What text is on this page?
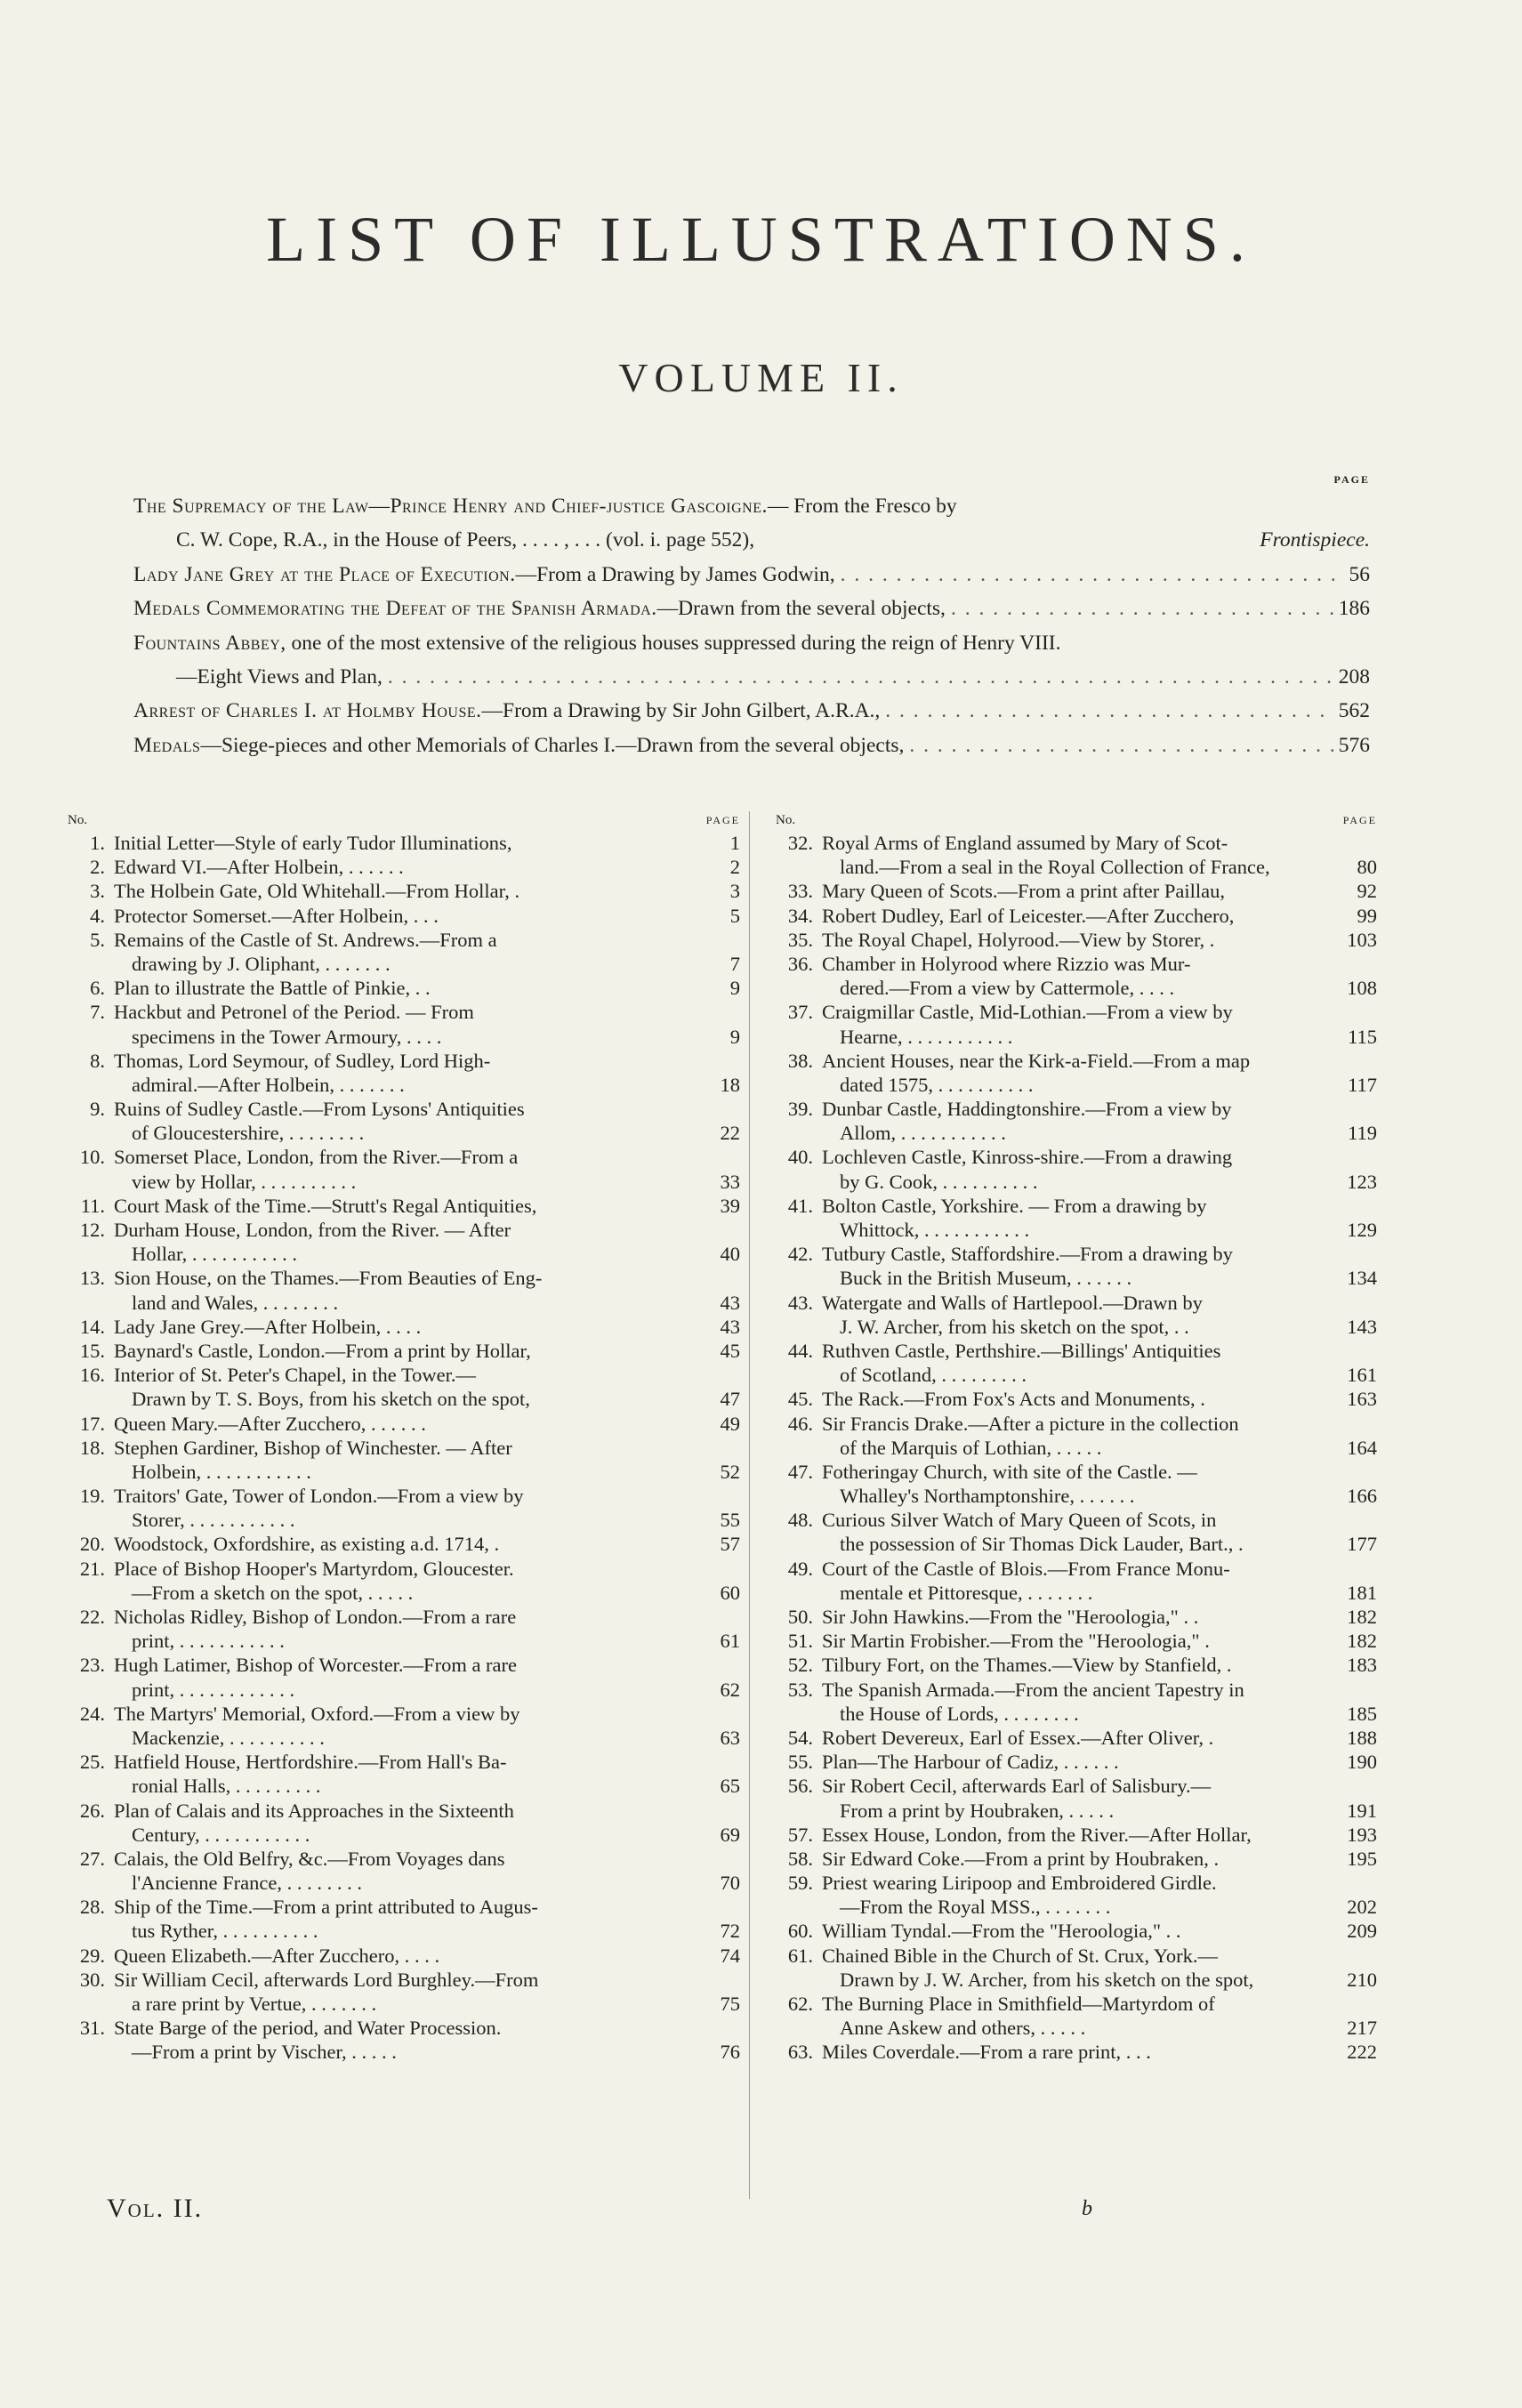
LIST OF ILLUSTRATIONS.
VOLUME II.
PAGE
The Supremacy of the Law—Prince Henry and Chief-justice Gascoigne.— From the Fresco by
C. W. Cope, R.A., in the House of Peers, . . . . , . . . (vol. i. page 552),	Frontispiece.
Lady Jane Grey at the Place of Execution.—From a Drawing by James Godwin, . . .	56
Medals Commemorating the Defeat of the Spanish Armada.—Drawn from the several objects, . . .	186
Fountains Abbey, one of the most extensive of the religious houses suppressed during the reign of Henry VIII.
—Eight Views and Plan, . . .	208
Arrest of Charles I. at Holmby House.—From a Drawing by Sir John Gilbert, A.R.A., . . .	562
Medals—Siege-pieces and other Memorials of Charles I.—Drawn from the several objects, . . .	576
No.	PAGE
1. Initial Letter—Style of early Tudor Illuminations,	1
2. Edward VI.—After Holbein, . . . . . .	2
3. The Holbein Gate, Old Whitehall.—From Hollar, .	3
4. Protector Somerset.—After Holbein, . . .	5
5. Remains of the Castle of St. Andrews.—From a
drawing by J. Oliphant, . . . . . . .	7
6. Plan to illustrate the Battle of Pinkie, . .	9
7. Hackbut and Petronel of the Period. — From
specimens in the Tower Armoury, . . . .	9
8. Thomas, Lord Seymour, of Sudley, Lord High-
admiral.—After Holbein, . . . . . . .	18
9. Ruins of Sudley Castle.—From Lysons' Antiquities
of Gloucestershire, . . . . . . . .	22
10. Somerset Place, London, from the River.—From a
view by Hollar, . . . . . . . . . .	33
11. Court Mask of the Time.—Strutt's Regal Antiquities,	39
12. Durham House, London, from the River. — After
Hollar, . . . . . . . . . . .	40
13. Sion House, on the Thames.—From Beauties of Eng-
land and Wales, . . . . . . . .	43
14. Lady Jane Grey.—After Holbein, . . . .	43
15. Baynard's Castle, London.—From a print by Hollar,	45
16. Interior of St. Peter's Chapel, in the Tower.—
Drawn by T. S. Boys, from his sketch on the spot,	47
17. Queen Mary.—After Zucchero, . . . . . .	49
18. Stephen Gardiner, Bishop of Winchester. — After
Holbein, . . . . . . . . . . .	52
19. Traitors' Gate, Tower of London.—From a view by
Storer, . . . . . . . . . . .	55
20. Woodstock, Oxfordshire, as existing a.d. 1714, .	57
21. Place of Bishop Hooper's Martyrdom, Gloucester.
—From a sketch on the spot, . . . . .	60
22. Nicholas Ridley, Bishop of London.—From a rare
print, . . . . . . . . . . .	61
23. Hugh Latimer, Bishop of Worcester.—From a rare
print, . . . . . . . . . . . .	62
24. The Martyrs' Memorial, Oxford.—From a view by
Mackenzie, . . . . . . . . . .	63
25. Hatfield House, Hertfordshire.—From Hall's Ba-
ronial Halls, . . . . . . . . .	65
26. Plan of Calais and its Approaches in the Sixteenth
Century, . . . . . . . . . . .	69
27. Calais, the Old Belfry, &c.—From Voyages dans
l'Ancienne France, . . . . . . . .	70
28. Ship of the Time.—From a print attributed to Augus-
tus Ryther, . . . . . . . . . .	72
29. Queen Elizabeth.—After Zucchero, . . . .	74
30. Sir William Cecil, afterwards Lord Burghley.—From
a rare print by Vertue, . . . . . . .	75
31. State Barge of the period, and Water Procession.
—From a print by Vischer, . . . . .	76
No.	PAGE
32. Royal Arms of England assumed by Mary of Scot-
land.—From a seal in the Royal Collection of France,	80
33. Mary Queen of Scots.—From a print after Paillau,	92
34. Robert Dudley, Earl of Leicester.—After Zucchero,	99
35. The Royal Chapel, Holyrood.—View by Storer, .	103
36. Chamber in Holyrood where Rizzio was Mur-
dered.—From a view by Cattermole, . . . .	108
37. Craigmillar Castle, Mid-Lothian.—From a view by
Hearne, . . . . . . . . . . .	115
38. Ancient Houses, near the Kirk-a-Field.—From a map
dated 1575, . . . . . . . . . .	117
39. Dunbar Castle, Haddingtonshire.—From a view by
Allom, . . . . . . . . . . .	119
40. Lochleven Castle, Kinross-shire.—From a drawing
by G. Cook, . . . . . . . . . .	123
41. Bolton Castle, Yorkshire. — From a drawing by
Whittock, . . . . . . . . . . .	129
42. Tutbury Castle, Staffordshire.—From a drawing by
Buck in the British Museum, . . . . . .	134
43. Watergate and Walls of Hartlepool.—Drawn by
J. W. Archer, from his sketch on the spot, . .	143
44. Ruthven Castle, Perthshire.—Billings' Antiquities
of Scotland, . . . . . . . . .	161
45. The Rack.—From Fox's Acts and Monuments, .	163
46. Sir Francis Drake.—After a picture in the collection
of the Marquis of Lothian, . . . . .	164
47. Fotheringay Church, with site of the Castle. —
Whalley's Northamptonshire, . . . . . .	166
48. Curious Silver Watch of Mary Queen of Scots, in
the possession of Sir Thomas Dick Lauder, Bart., .	177
49. Court of the Castle of Blois.—From France Monu-
mentale et Pittoresque, . . . . . . .	181
50. Sir John Hawkins.—From the "Heroologia," . .	182
51. Sir Martin Frobisher.—From the "Heroologia," .	182
52. Tilbury Fort, on the Thames.—View by Stanfield, .	183
53. The Spanish Armada.—From the ancient Tapestry in
the House of Lords, . . . . . . . .	185
54. Robert Devereux, Earl of Essex.—After Oliver, .	188
55. Plan—The Harbour of Cadiz, . . . . . .	190
56. Sir Robert Cecil, afterwards Earl of Salisbury.—
From a print by Houbraken, . . . . .	191
57. Essex House, London, from the River.—After Hollar,	193
58. Sir Edward Coke.—From a print by Houbraken, .	195
59. Priest wearing Liripoop and Embroidered Girdle.
—From the Royal MSS., . . . . . . .	202
60. William Tyndal.—From the "Heroologia," . .	209
61. Chained Bible in the Church of St. Crux, York.—
Drawn by J. W. Archer, from his sketch on the spot,	210
62. The Burning Place in Smithfield—Martyrdom of
Anne Askew and others, . . . . .	217
63. Miles Coverdale.—From a rare print, . . .	222
Vol. II.	b
